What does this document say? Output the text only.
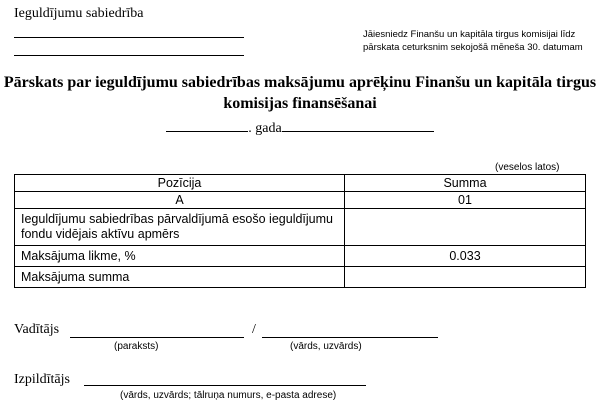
Ieguldījumu sabiedrība
Jāiesniedz Finanšu un kapitāla tirgus komisijai līdz pārskata ceturksnim sekojošā mēneša 30. datumam
Pārskats par ieguldījumu sabiedrības maksājumu aprēķinu Finanšu un kapitāla tirgus komisijas finansēšanai
. gada
(veselos latos)
Pozīcija	Summa
A	01
Ieguldījumu sabiedrības pārvaldījumā esošo ieguldījumu fondu vidējais aktīvu apmērs	
Maksājuma likme, %	0.033
Maksājuma summa	
Vadītājs	/
(paraksts)	(vārds, uzvārds)
Izpildītājs
(vārds, uzvārds; tālruņa numurs, e-pasta adrese)
